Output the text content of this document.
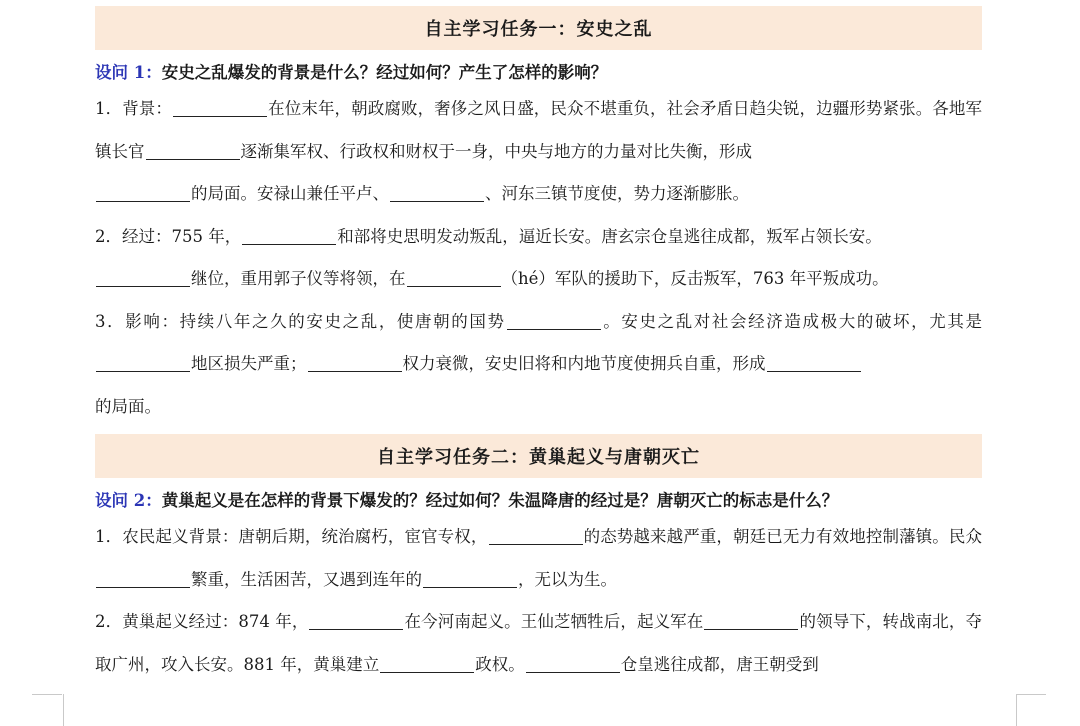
自主学习任务一：安史之乱
设问 1：安史之乱爆发的背景是什么？经过如何？产生了怎样的影响？
1．背景：	在位末年，朝政腐败，奢侈之风日盛，民众不堪重负，社会矛盾日趋尖锐，边疆形势紧张。各地军镇长官	逐渐集军权、行政权和财权于一身，中央与地方的力量对比失衡，形成
的局面。安禄山兼任平卢、	、河东三镇节度使，势力逐渐膨胀。
2．经过：755 年，	和部将史思明发动叛乱，逼近长安。唐玄宗仓皇逃往成都，叛军占领长安。
继位，重用郭子仪等将领，在	（hé）军队的援助下，反击叛军，763 年平叛成功。
3．影响：持续八年之久的安史之乱，使唐朝的国势	。安史之乱对社会经济造成极大的破坏，尤其是地区损失严重；	权力衰微，安史旧将和内地节度使拥兵自重，形成
的局面。
自主学习任务二：黄巢起义与唐朝灭亡
设问 2：黄巢起义是在怎样的背景下爆发的？经过如何？朱温降唐的经过是？唐朝灭亡的标志是什么？
1．农民起义背景：唐朝后期，统治腐朽，宦官专权，	的态势越来越严重，朝廷已无力有效地控制藩镇。民众繁重，生活困苦，又遇到连年的	，无以为生。
2．黄巢起义经过：874 年，	在今河南起义。王仙芝牺牲后，起义军在	的领导下，转战南北，夺取广州，攻入长安。881 年，黄巢建立	政权。	仓皇逃往成都，唐王朝受到
